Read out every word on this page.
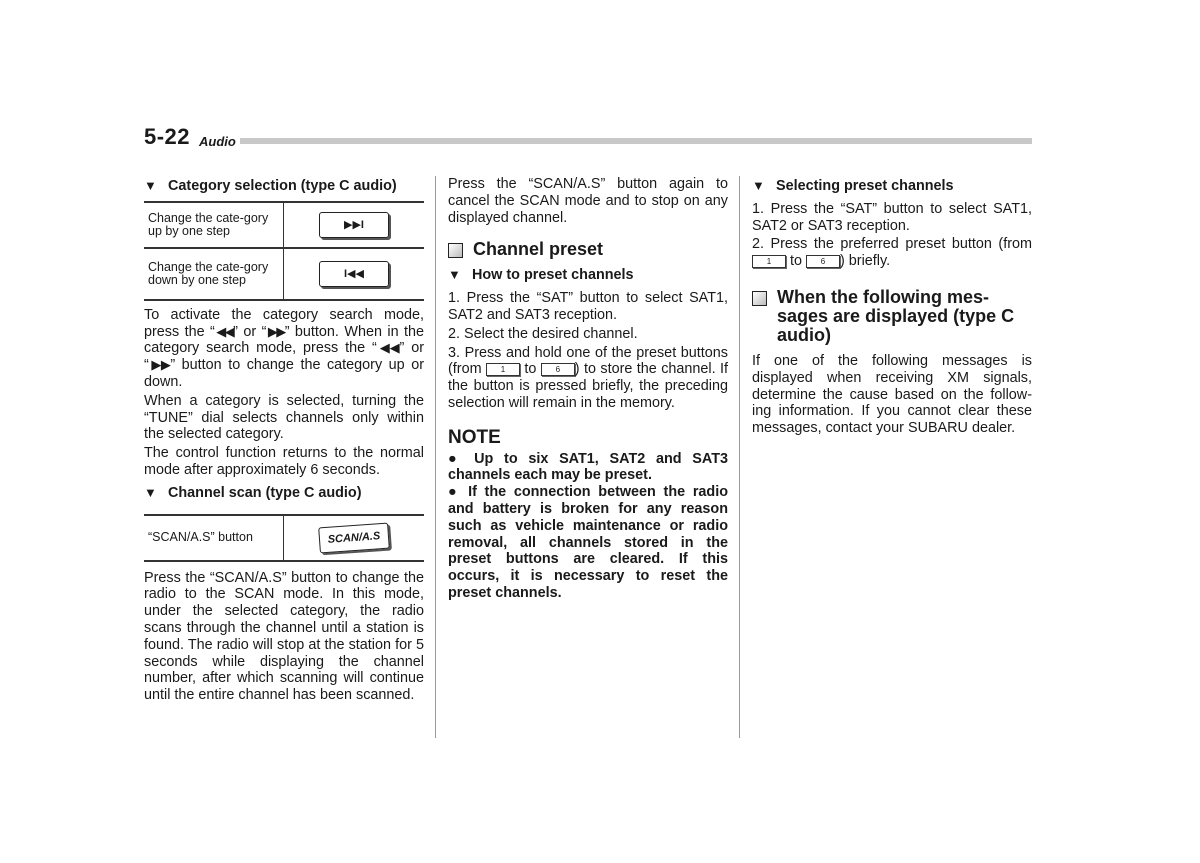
5-22 Audio
▼ Category selection (type C audio)
Change the cate-gory up by one step	▶▶I
Change the cate-gory down by one step	I◀◀

To activate the category search mode, press the “◀◀” or “▶▶” button. When in the category search mode, press the “◀◀” or “▶▶” button to change the category up or down.

When a category is selected, turning the “TUNE” dial selects channels only within the selected category.

The control function returns to the normal mode after approximately 6 seconds.

▼ Channel scan (type C audio)
“SCAN/A.S” button	SCAN/A.S

Press the “SCAN/A.S” button to change the radio to the SCAN mode. In this mode, under the selected category, the radio scans through the channel until a station is found. The radio will stop at the station for 5 seconds while displaying the channel number, after which scanning will continue until the entire channel has been scanned.

Press the “SCAN/A.S” button again to cancel the SCAN mode and to stop on any displayed channel.

Channel preset
▼ How to preset channels

1. Press the “SAT” button to select SAT1, SAT2 and SAT3 reception.

2. Select the desired channel.

3. Press and hold one of the preset buttons (from 1 to 6 ) to store the channel. If the button is pressed briefly, the preceding selection will remain in the memory.

NOTE

● Up to six SAT1, SAT2 and SAT3 channels each may be preset.

● If the connection between the radio and battery is broken for any reason such as vehicle maintenance or radio removal, all channels stored in the preset buttons are cleared. If this occurs, it is necessary to reset the preset channels.

▼ Selecting preset channels

1. Press the “SAT” button to select SAT1, SAT2 or SAT3 reception.

2. Press the preferred preset button (from 1 to 6 ) briefly.

When the following mes-sages are displayed (type C audio)

If one of the following messages is displayed when receiving XM signals, determine the cause based on the follow-ing information. If you cannot clear these messages, contact your SUBARU dealer.
